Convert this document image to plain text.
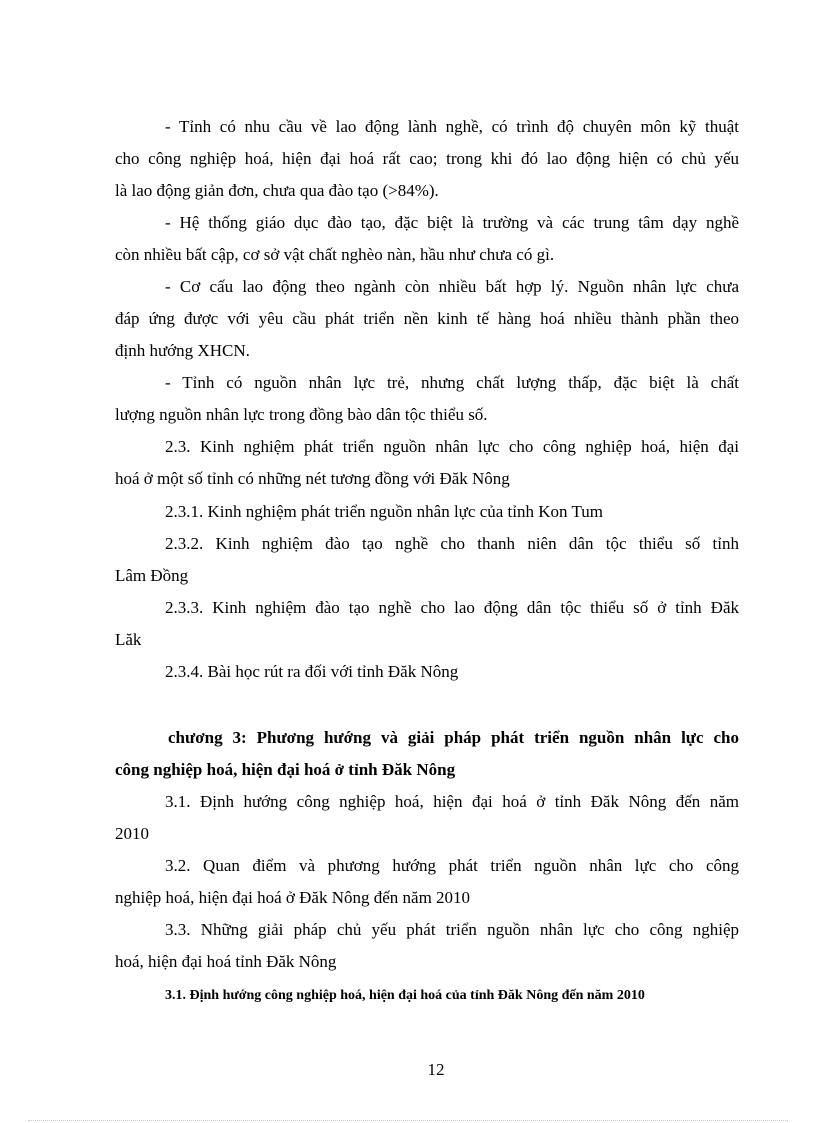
- Tỉnh có nhu cầu về lao động lành nghề, có trình độ chuyên môn kỹ thuật
cho công nghiệp hoá, hiện đại hoá rất cao; trong khi đó lao động hiện có chủ yếu
là lao động giản đơn, chưa qua đào tạo (>84%).
- Hệ thống giáo dục đào tạo, đặc biệt là trường và các trung tâm dạy nghề
còn nhiều bất cập, cơ sở vật chất nghèo nàn, hầu như chưa có gì.
- Cơ cấu lao động theo ngành còn nhiều bất hợp lý. Nguồn nhân lực chưa
đáp ứng được với yêu cầu phát triển nền kinh tế hàng hoá nhiều thành phần theo
định hướng XHCN.
- Tỉnh có nguồn nhân lực trẻ, nhưng chất lượng thấp, đặc biệt là chất
lượng nguồn nhân lực trong đồng bào dân tộc thiểu số.
2.3. Kinh nghiệm phát triển nguồn nhân lực cho công nghiệp hoá, hiện đại
hoá ở một số tỉnh có những nét tương đồng với Đăk Nông
2.3.1. Kinh nghiệm phát triển nguồn nhân lực của tỉnh Kon Tum
2.3.2. Kinh nghiệm đào tạo nghề cho thanh niên dân tộc thiểu số tỉnh
Lâm Đồng
2.3.3. Kinh nghiệm đào tạo nghề cho lao động dân tộc thiểu số ở tỉnh Đăk
Lăk
2.3.4. Bài học rút ra đối với tỉnh Đăk Nông
chương 3: Phương hướng và giải pháp phát triển nguồn nhân lực cho
công nghiệp hoá, hiện đại hoá ở tỉnh Đăk Nông
3.1. Định hướng công nghiệp hoá, hiện đại hoá ở tỉnh Đăk Nông đến năm
2010
3.2. Quan điểm và phương hướng phát triển nguồn nhân lực cho công
nghiệp hoá, hiện đại hoá ở Đăk Nông đến năm 2010
3.3. Những giải pháp chủ yếu phát triển nguồn nhân lực cho công nghiệp
hoá, hiện đại hoá tỉnh Đăk Nông
3.1. Định hướng công nghiệp hoá, hiện đại hoá của tỉnh Đăk Nông đến năm 2010
12
